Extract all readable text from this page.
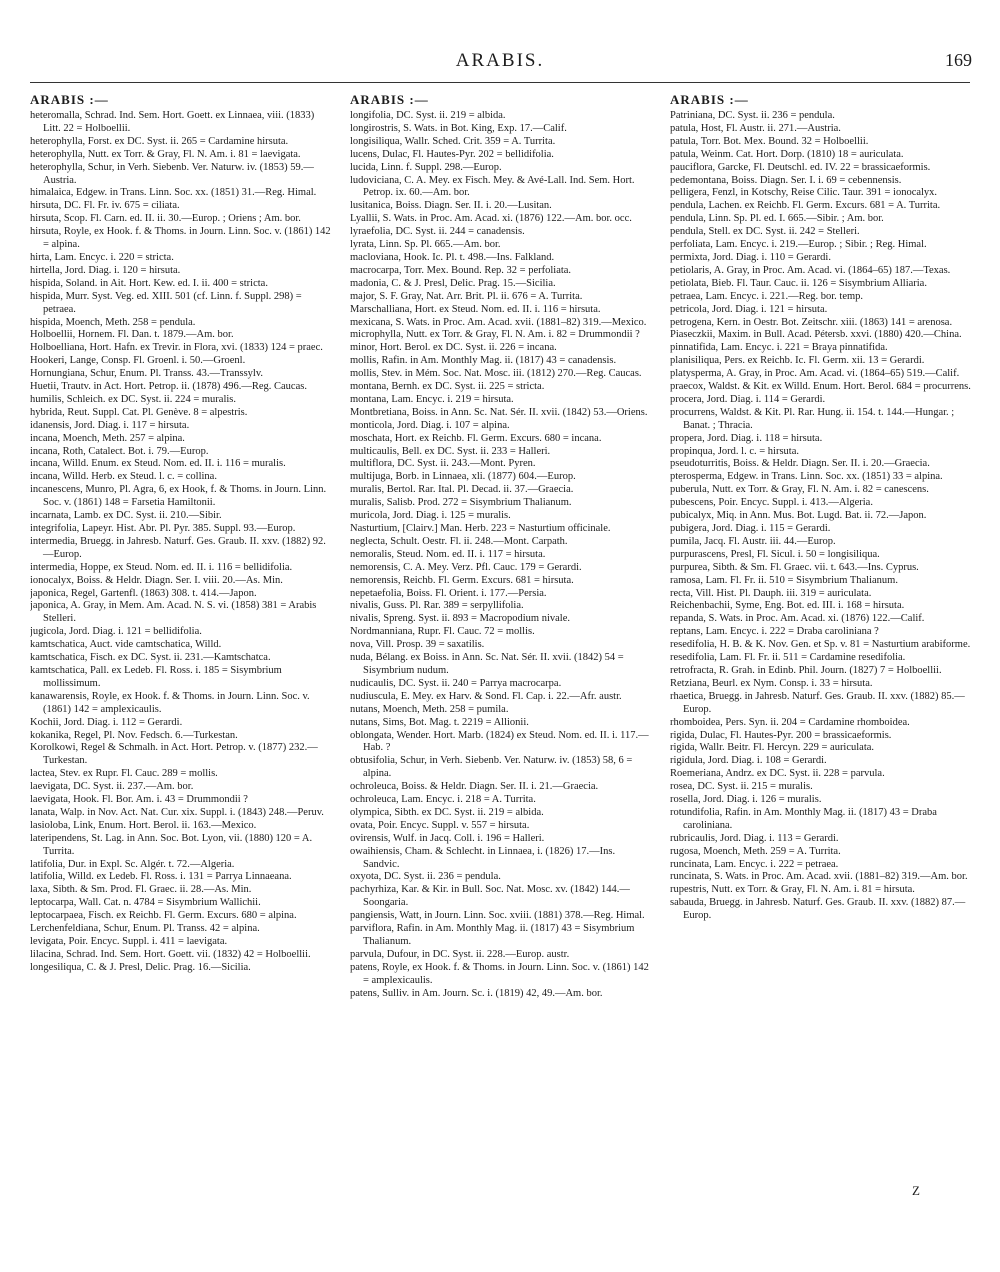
ARABIS.	169
ARABIS :—

heteromalla, Schrad. Ind. Sem. Hort. Goett. ex Linnaea, viii. (1833) Litt. 22 = Holboellii.

heterophylla, Forst. ex DC. Syst. ii. 265 = Cardamine hirsuta.

heterophylla, Nutt. ex Torr. & Gray, Fl. N. Am. i. 81 = laevigata.

heterophylla, Schur, in Verh. Siebenb. Ver. Naturw. iv. (1853) 59.—Austria.

himalaica, Edgew. in Trans. Linn. Soc. xx. (1851) 31.—Reg. Himal.

hirsuta, DC. Fl. Fr. iv. 675 = ciliata.

hirsuta, Scop. Fl. Carn. ed. II. ii. 30.—Europ. ; Oriens ; Am. bor.

hirsuta, Royle, ex Hook. f. & Thoms. in Journ. Linn. Soc. v. (1861) 142 = alpina.

hirta, Lam. Encyc. i. 220 = stricta.

hirtella, Jord. Diag. i. 120 = hirsuta.

hispida, Soland. in Ait. Hort. Kew. ed. I. ii. 400 = stricta.

hispida, Murr. Syst. Veg. ed. XIII. 501 (cf. Linn. f. Suppl. 298) = petraea.

hispida, Moench, Meth. 258 = pendula.

Holboellii, Hornem. Fl. Dan. t. 1879.—Am. bor.

Holboelliana, Hort. Hafn. ex Trevir. in Flora, xvi. (1833) 124 = praec.

Hookeri, Lange, Consp. Fl. Groenl. i. 50.—Groenl.

Hornungiana, Schur, Enum. Pl. Transs. 43.—Transsylv.

Huetii, Trautv. in Act. Hort. Petrop. ii. (1878) 496.—Reg. Caucas.

humilis, Schleich. ex DC. Syst. ii. 224 = muralis.

hybrida, Reut. Suppl. Cat. Pl. Genève. 8 = alpestris.

idanensis, Jord. Diag. i. 117 = hirsuta.

incana, Moench, Meth. 257 = alpina.

incana, Roth, Catalect. Bot. i. 79.—Europ.

incana, Willd. Enum. ex Steud. Nom. ed. II. i. 116 = muralis.

incana, Willd. Herb. ex Steud. l. c. = collina.

incanescens, Munro, Pl. Agra, 6, ex Hook, f. & Thoms. in Journ. Linn. Soc. v. (1861) 148 = Farsetia Hamiltonii.

incarnata, Lamb. ex DC. Syst. ii. 210.—Sibir.

integrifolia, Lapeyr. Hist. Abr. Pl. Pyr. 385. Suppl. 93.—Europ.

intermedia, Bruegg. in Jahresb. Naturf. Ges. Graub. II. xxv. (1882) 92.—Europ.

intermedia, Hoppe, ex Steud. Nom. ed. II. i. 116 = bellidifolia.

ionocalyx, Boiss. & Heldr. Diagn. Ser. I. viii. 20.—As. Min.

japonica, Regel, Gartenfl. (1863) 308. t. 414.—Japon.

japonica, A. Gray, in Mem. Am. Acad. N. S. vi. (1858) 381 = Arabis Stelleri.

jugicola, Jord. Diag. i. 121 = bellidifolia.

kamtschatica, Auct. vide camtschatica, Willd.

kamtschatica, Fisch. ex DC. Syst. ii. 231.—Kamtschatca.

kamtschatica, Pall. ex Ledeb. Fl. Ross. i. 185 = Sisymbrium mollissimum.

kanawarensis, Royle, ex Hook. f. & Thoms. in Journ. Linn. Soc. v. (1861) 142 = amplexicaulis.

Kochii, Jord. Diag. i. 112 = Gerardi.

kokanika, Regel, Pl. Nov. Fedsch. 6.—Turkestan.

Korolkowi, Regel & Schmalh. in Act. Hort. Petrop. v. (1877) 232.—Turkestan.

lactea, Stev. ex Rupr. Fl. Cauc. 289 = mollis.

laevigata, DC. Syst. ii. 237.—Am. bor.

laevigata, Hook. Fl. Bor. Am. i. 43 = Drummondii ?

lanata, Walp. in Nov. Act. Nat. Cur. xix. Suppl. i. (1843) 248.—Peruv.

lasioloba, Link, Enum. Hort. Berol. ii. 163.—Mexico.

lateripendens, St. Lag. in Ann. Soc. Bot. Lyon, vii. (1880) 120 = A. Turrita.

latifolia, Dur. in Expl. Sc. Algér. t. 72.—Algeria.

latifolia, Willd. ex Ledeb. Fl. Ross. i. 131 = Parrya Linnaeana.

laxa, Sibth. & Sm. Prod. Fl. Graec. ii. 28.—As. Min.

leptocarpa, Wall. Cat. n. 4784 = Sisymbrium Wallichii.

leptocarpaea, Fisch. ex Reichb. Fl. Germ. Excurs. 680 = alpina.

Lerchenfeldiana, Schur, Enum. Pl. Transs. 42 = alpina.

levigata, Poir. Encyc. Suppl. i. 411 = laevigata.

lilacina, Schrad. Ind. Sem. Hort. Goett. vii. (1832) 42 = Holboellii.

longesiliqua, C. & J. Presl, Delic. Prag. 16.—Sicilia.

ARABIS :—

longifolia, DC. Syst. ii. 219 = albida.

longirostris, S. Wats. in Bot. King, Exp. 17.—Calif.

longisiliqua, Wallr. Sched. Crit. 359 = A. Turrita.

lucens, Dulac, Fl. Hautes-Pyr. 202 = bellidifolia.

lucida, Linn. f. Suppl. 298.—Europ.

ludoviciana, C. A. Mey. ex Fisch. Mey. & Avé-Lall. Ind. Sem. Hort. Petrop. ix. 60.—Am. bor.

lusitanica, Boiss. Diagn. Ser. II. i. 20.—Lusitan.

Lyallii, S. Wats. in Proc. Am. Acad. xi. (1876) 122.—Am. bor. occ.

lyraefolia, DC. Syst. ii. 244 = canadensis.

lyrata, Linn. Sp. Pl. 665.—Am. bor.

macloviana, Hook. Ic. Pl. t. 498.—Ins. Falkland.

macrocarpa, Torr. Mex. Bound. Rep. 32 = perfoliata.

madonia, C. & J. Presl, Delic. Prag. 15.—Sicilia.

major, S. F. Gray, Nat. Arr. Brit. Pl. ii. 676 = A. Turrita.

Marschalliana, Hort. ex Steud. Nom. ed. II. i. 116 = hirsuta.

mexicana, S. Wats. in Proc. Am. Acad. xvii. (1881–82) 319.—Mexico.

microphylla, Nutt. ex Torr. & Gray, Fl. N. Am. i. 82 = Drummondii ?

minor, Hort. Berol. ex DC. Syst. ii. 226 = incana.

mollis, Rafin. in Am. Monthly Mag. ii. (1817) 43 = canadensis.

mollis, Stev. in Mém. Soc. Nat. Mosc. iii. (1812) 270.—Reg. Caucas.

montana, Bernh. ex DC. Syst. ii. 225 = stricta.

montana, Lam. Encyc. i. 219 = hirsuta.

Montbretiana, Boiss. in Ann. Sc. Nat. Sér. II. xvii. (1842) 53.—Oriens.

monticola, Jord. Diag. i. 107 = alpina.

moschata, Hort. ex Reichb. Fl. Germ. Excurs. 680 = incana.

multicaulis, Bell. ex DC. Syst. ii. 233 = Halleri.

multiflora, DC. Syst. ii. 243.—Mont. Pyren.

multijuga, Borb. in Linnaea, xli. (1877) 604.—Europ.

muralis, Bertol. Rar. Ital. Pl. Decad. ii. 37.—Graecia.

muralis, Salisb. Prod. 272 = Sisymbrium Thalianum.

muricola, Jord. Diag. i. 125 = muralis.

Nasturtium, [Clairv.] Man. Herb. 223 = Nasturtium officinale.

neglecta, Schult. Oestr. Fl. ii. 248.—Mont. Carpath.

nemoralis, Steud. Nom. ed. II. i. 117 = hirsuta.

nemorensis, C. A. Mey. Verz. Pfl. Cauc. 179 = Gerardi.

nemorensis, Reichb. Fl. Germ. Excurs. 681 = hirsuta.

nepetaefolia, Boiss. Fl. Orient. i. 177.—Persia.

nivalis, Guss. Pl. Rar. 389 = serpyllifolia.

nivalis, Spreng. Syst. ii. 893 = Macropodium nivale.

Nordmanniana, Rupr. Fl. Cauc. 72 = mollis.

nova, Vill. Prosp. 39 = saxatilis.

nuda, Bélang. ex Boiss. in Ann. Sc. Nat. Sér. II. xvii. (1842) 54 = Sisymbrium nudum.

nudicaulis, DC. Syst. ii. 240 = Parrya macrocarpa.

nudiuscula, E. Mey. ex Harv. & Sond. Fl. Cap. i. 22.—Afr. austr.

nutans, Moench, Meth. 258 = pumila.

nutans, Sims, Bot. Mag. t. 2219 = Allionii.

oblongata, Wender. Hort. Marb. (1824) ex Steud. Nom. ed. II. i. 117.—Hab. ?

obtusifolia, Schur, in Verh. Siebenb. Ver. Naturw. iv. (1853) 58, 6 = alpina.

ochroleuca, Boiss. & Heldr. Diagn. Ser. II. i. 21.—Graecia.

ochroleuca, Lam. Encyc. i. 218 = A. Turrita.

olympica, Sibth. ex DC. Syst. ii. 219 = albida.

ovata, Poir. Encyc. Suppl. v. 557 = hirsuta.

ovirensis, Wulf. in Jacq. Coll. i. 196 = Halleri.

owaihiensis, Cham. & Schlecht. in Linnaea, i. (1826) 17.—Ins. Sandvic.

oxyota, DC. Syst. ii. 236 = pendula.

pachyrhiza, Kar. & Kir. in Bull. Soc. Nat. Mosc. xv. (1842) 144.—Soongaria.

pangiensis, Watt, in Journ. Linn. Soc. xviii. (1881) 378.—Reg. Himal.

parviflora, Rafin. in Am. Monthly Mag. ii. (1817) 43 = Sisymbrium Thalianum.

parvula, Dufour, in DC. Syst. ii. 228.—Europ. austr.

patens, Royle, ex Hook. f. & Thoms. in Journ. Linn. Soc. v. (1861) 142 = amplexicaulis.

patens, Sulliv. in Am. Journ. Sc. i. (1819) 42, 49.—Am. bor.

ARABIS :—

Patriniana, DC. Syst. ii. 236 = pendula.

patula, Host, Fl. Austr. ii. 271.—Austria.

patula, Torr. Bot. Mex. Bound. 32 = Holboellii.

patula, Weinm. Cat. Hort. Dorp. (1810) 18 = auriculata.

pauciflora, Garcke, Fl. Deutschl. ed. IV. 22 = brassicaeformis.

pedemontana, Boiss. Diagn. Ser. I. i. 69 = cebennensis.

pelligera, Fenzl, in Kotschy, Reise Cilic. Taur. 391 = ionocalyx.

pendula, Lachen. ex Reichb. Fl. Germ. Excurs. 681 = A. Turrita.

pendula, Linn. Sp. Pl. ed. I. 665.—Sibir. ; Am. bor.

pendula, Stell. ex DC. Syst. ii. 242 = Stelleri.

perfoliata, Lam. Encyc. i. 219.—Europ. ; Sibir. ; Reg. Himal.

permixta, Jord. Diag. i. 110 = Gerardi.

petiolaris, A. Gray, in Proc. Am. Acad. vi. (1864–65) 187.—Texas.

petiolata, Bieb. Fl. Taur. Cauc. ii. 126 = Sisymbrium Alliaria.

petraea, Lam. Encyc. i. 221.—Reg. bor. temp.

petricola, Jord. Diag. i. 121 = hirsuta.

petrogena, Kern. in Oestr. Bot. Zeitschr. xiii. (1863) 141 = arenosa.

Piaseczkii, Maxim. in Bull. Acad. Pétersb. xxvi. (1880) 420.—China.

pinnatifida, Lam. Encyc. i. 221 = Braya pinnatifida.

planisiliqua, Pers. ex Reichb. Ic. Fl. Germ. xii. 13 = Gerardi.

platysperma, A. Gray, in Proc. Am. Acad. vi. (1864–65) 519.—Calif.

praecox, Waldst. & Kit. ex Willd. Enum. Hort. Berol. 684 = procurrens.

procera, Jord. Diag. i. 114 = Gerardi.

procurrens, Waldst. & Kit. Pl. Rar. Hung. ii. 154. t. 144.—Hungar. ; Banat. ; Thracia.

propera, Jord. Diag. i. 118 = hirsuta.

propinqua, Jord. l. c. = hirsuta.

pseudoturritis, Boiss. & Heldr. Diagn. Ser. II. i. 20.—Graecia.

pterosperma, Edgew. in Trans. Linn. Soc. xx. (1851) 33 = alpina.

puberula, Nutt. ex Torr. & Gray, Fl. N. Am. i. 82 = canescens.

pubescens, Poir. Encyc. Suppl. i. 413.—Algeria.

pubicalyx, Miq. in Ann. Mus. Bot. Lugd. Bat. ii. 72.—Japon.

pubigera, Jord. Diag. i. 115 = Gerardi.

pumila, Jacq. Fl. Austr. iii. 44.—Europ.

purpurascens, Presl, Fl. Sicul. i. 50 = longisiliqua.

purpurea, Sibth. & Sm. Fl. Graec. vii. t. 643.—Ins. Cyprus.

ramosa, Lam. Fl. Fr. ii. 510 = Sisymbrium Thalianum.

recta, Vill. Hist. Pl. Dauph. iii. 319 = auriculata.

Reichenbachii, Syme, Eng. Bot. ed. III. i. 168 = hirsuta.

repanda, S. Wats. in Proc. Am. Acad. xi. (1876) 122.—Calif.

reptans, Lam. Encyc. i. 222 = Draba caroliniana ?

resedifolia, H. B. & K. Nov. Gen. et Sp. v. 81 = Nasturtium arabiforme.

resedifolia, Lam. Fl. Fr. ii. 511 = Cardamine resedifolia.

retrofracta, R. Grah. in Edinb. Phil. Journ. (1827) 7 = Holboellii.

Retziana, Beurl. ex Nym. Consp. i. 33 = hirsuta.

rhaetica, Bruegg. in Jahresb. Naturf. Ges. Graub. II. xxv. (1882) 85.—Europ.

rhomboidea, Pers. Syn. ii. 204 = Cardamine rhomboidea.

rigida, Dulac, Fl. Hautes-Pyr. 200 = brassicaeformis.

rigida, Wallr. Beitr. Fl. Hercyn. 229 = auriculata.

rigidula, Jord. Diag. i. 108 = Gerardi.

Roemeriana, Andrz. ex DC. Syst. ii. 228 = parvula.

rosea, DC. Syst. ii. 215 = muralis.

rosella, Jord. Diag. i. 126 = muralis.

rotundifolia, Rafin. in Am. Monthly Mag. ii. (1817) 43 = Draba caroliniana.

rubricaulis, Jord. Diag. i. 113 = Gerardi.

rugosa, Moench, Meth. 259 = A. Turrita.

runcinata, Lam. Encyc. i. 222 = petraea.

runcinata, S. Wats. in Proc. Am. Acad. xvii. (1881–82) 319.—Am. bor.

rupestris, Nutt. ex Torr. & Gray, Fl. N. Am. i. 81 = hirsuta.

sabauda, Bruegg. in Jahresb. Naturf. Ges. Graub. II. xxv. (1882) 87.—Europ.

Z
